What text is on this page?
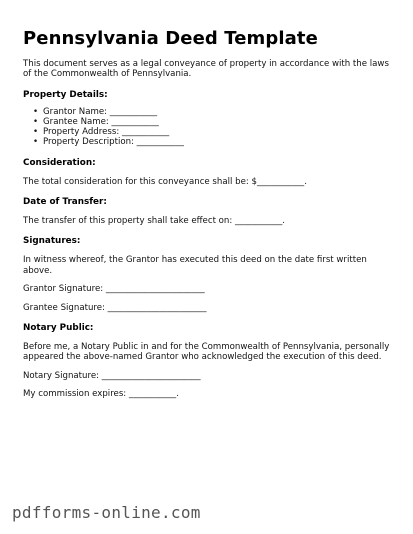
Pennsylvania Deed Template

This document serves as a legal conveyance of property in accordance with the laws of the Commonwealth of Pennsylvania.

Property Details:
• Grantor Name: ___________
• Grantee Name: ___________
• Property Address: ___________
• Property Description: ___________
Consideration:

The total consideration for this conveyance shall be: $___________.

Date of Transfer:

The transfer of this property shall take effect on: ___________.

Signatures:

In witness whereof, the Grantor has executed this deed on the date first written above.

Grantor Signature: _______________________

Grantee Signature: _______________________

Notary Public:

Before me, a Notary Public in and for the Commonwealth of Pennsylvania, personally appeared the above-named Grantor who acknowledged the execution of this deed.

Notary Signature: _______________________

My commission expires: ___________.

pdfforms-online.com
